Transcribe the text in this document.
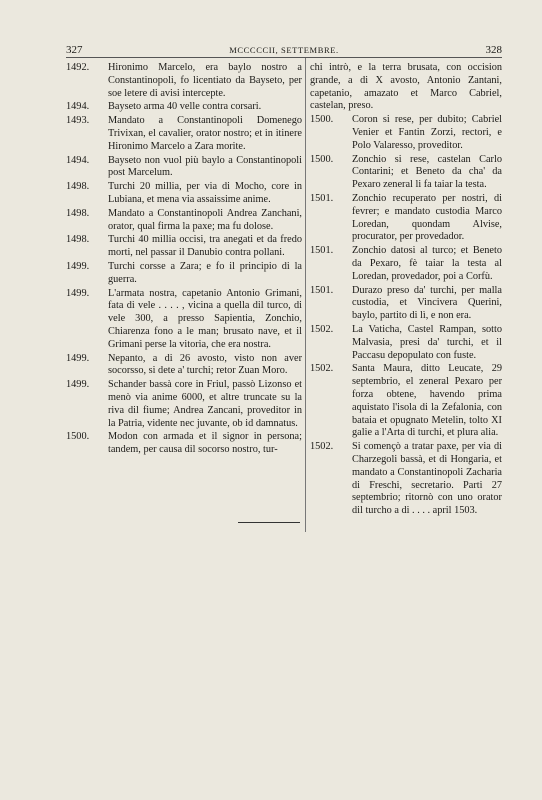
327	MCCCCCII, SETTEMBRE.	328
1492. Hironimo Marcelo, era baylo nostro a Constantinopoli, fo licentiato da Bayseto, per soe letere di avisi intercepte.
1494. Bayseto arma 40 velle contra corsari.
1493. Mandato a Constantinopoli Domenego Trivixan, el cavalier, orator nostro; et in itinere Hironimo Marcelo a Zara morite.
1494. Bayseto non vuol più baylo a Constantinopoli post Marcelum.
1498. Turchi 20 millia, per via di Mocho, core in Lubiana, et mena via assaissime anime.
1498. Mandato a Constantinopoli Andrea Zanchani, orator, qual firma la paxe; ma fu dolose.
1498. Turchi 40 millia occisi, tra anegati et da fredo morti, nel passar il Danubio contra pollani.
1499. Turchi corsse a Zara; e fo il principio di la guerra.
1499. L'armata nostra, capetanio Antonio Grimani, fata di vele . . . . , vicina a quella dil turco, di vele 300, a presso Sapientia, Zonchio, Chiarenza fono a le man; brusato nave, et il Grimani perse la vitoria, che era nostra.
1499. Nepanto, a di 26 avosto, visto non aver socorsso, si dete a' turchi; retor Zuan Moro.
1499. Schander bassà core in Friul, passò Lizonso et menò via anime 6000, et altre truncate su la riva dil fiume; Andrea Zancani, proveditor in la Patria, vidente nec juvante, ob id damnatus.
1500. Modon con armada et il signor in persona; tandem, per causa dil socorso nostro, tur-
chi intrò, e la terra brusata, con occision grande, a di X avosto, Antonio Zantani, capetanio, amazato et Marco Cabriel, castelan, preso.
1500. Coron si rese, per dubito; Cabriel Venier et Fantin Zorzi, rectori, e Polo Valaresso, proveditor.
1500. Zonchio si rese, castelan Carlo Contarini; et Beneto da cha' da Pexaro zeneral li fa taiar la testa.
1501. Zonchio recuperato per nostri, di fevrer; e mandato custodia Marco Loredan, quondam Alvise, procurator, per provedador.
1501. Zonchio datosi al turco; et Beneto da Pexaro, fè taiar la testa al Loredan, provedador, poi a Corfù.
1501. Durazo preso da' turchi, per malla custodia, et Vincivera Querini, baylo, partito di lì, e non era.
1502. La Vaticha, Castel Rampan, sotto Malvasia, presi da' turchi, et il Paccasu depopulato con fuste.
1502. Santa Maura, ditto Leucate, 29 septembrio, el zeneral Pexaro per forza obtene, havendo prima aquistato l'isola di la Zefalonia, con bataia et opugnato Metelin, tolto XI galie a l'Arta di turchi, et plura alia.
1502. Si començò a tratar paxe, per via di Charzegoli bassà, et di Hongaria, et mandato a Constantinopoli Zacharia di Freschi, secretario. Parti 27 septembrio; ritornò con uno orator dil turcho a di . . . . april 1503.
